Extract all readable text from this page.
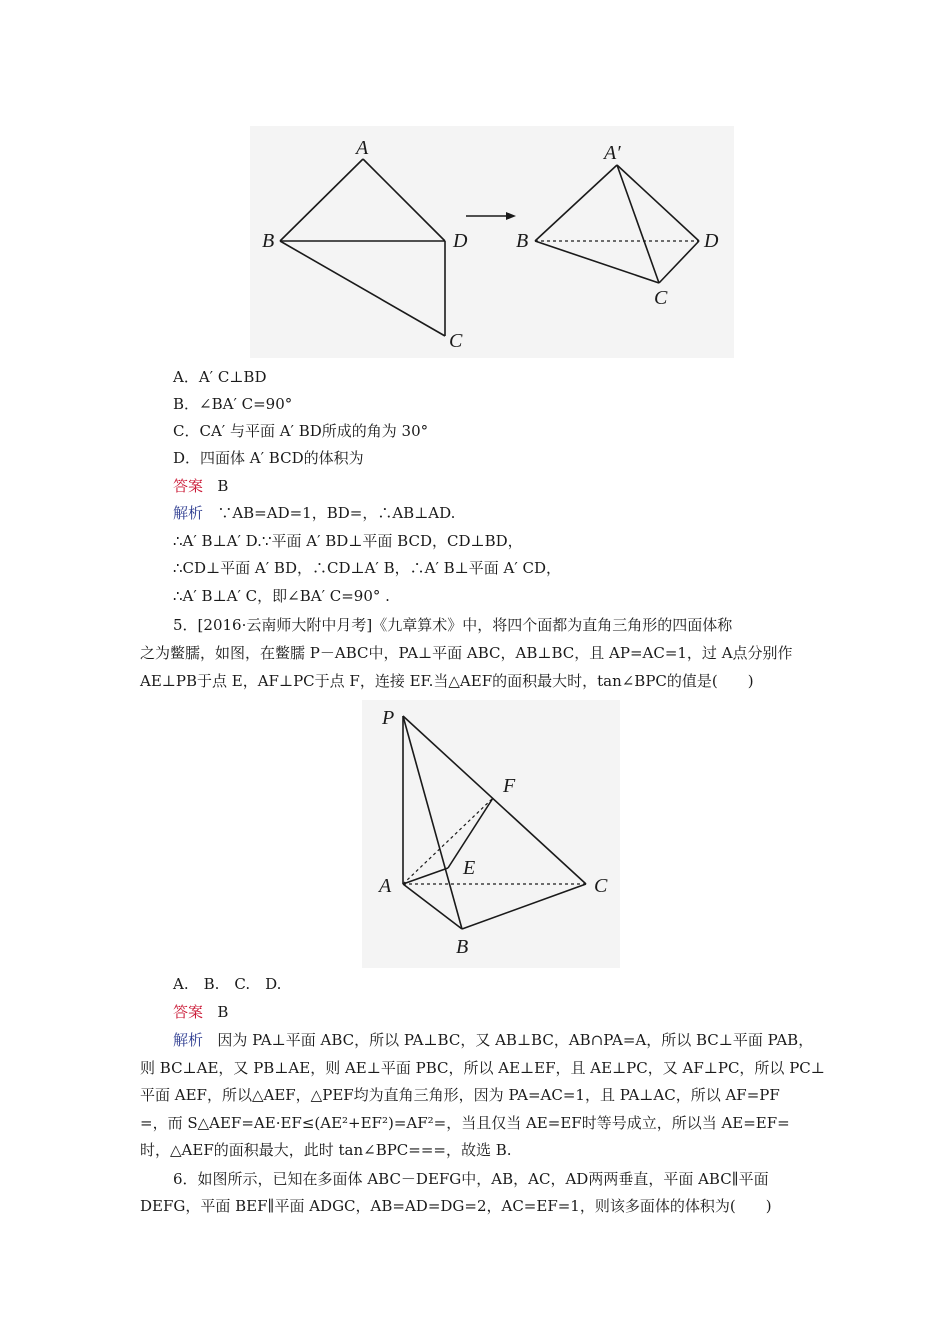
A
B	D
C
A′
B	D
C
A．A′ C⊥BD
B．∠BA′ C=90°
C．CA′ 与平面 A′ BD所成的角为 30°
D．四面体 A′ BCD的体积为
答案 B
解析 ∵AB=AD=1，BD=，∴AB⊥AD.
∴A′ B⊥A′ D.∵平面 A′ BD⊥平面 BCD，CD⊥BD，
∴CD⊥平面 A′ BD，∴CD⊥A′ B，∴A′ B⊥平面 A′ CD，
∴A′ B⊥A′ C，即∠BA′ C=90° .
5．[2016·云南师大附中月考]《九章算术》中，将四个面都为直角三角形的四面体称
之为鳖臑，如图，在鳖臑 P－ABC中，PA⊥平面 ABC，AB⊥BC，且 AP=AC=1，过 A点分别作
AE⊥PB于点 E，AF⊥PC于点 F，连接 EF.当△AEF的面积最大时，tan∠BPC的值是(　　)
P
F
E
A	C
B
A.　B.　C.　D.
答案 B
解析 因为 PA⊥平面 ABC，所以 PA⊥BC，又 AB⊥BC，AB∩PA=A，所以 BC⊥平面 PAB，
则 BC⊥AE，又 PB⊥AE，则 AE⊥平面 PBC，所以 AE⊥EF，且 AE⊥PC，又 AF⊥PC，所以 PC⊥
平面 AEF，所以△AEF，△PEF均为直角三角形，因为 PA=AC=1，且 PA⊥AC，所以 AF=PF
=，而 S△AEF=AE·EF≤(AE²+EF²)=AF²=，当且仅当 AE=EF时等号成立，所以当 AE=EF=
时，△AEF的面积最大，此时 tan∠BPC===，故选 B.
6．如图所示，已知在多面体 ABC－DEFG中，AB，AC，AD两两垂直，平面 ABC∥平面
DEFG，平面 BEF∥平面 ADGC，AB=AD=DG=2，AC=EF=1，则该多面体的体积为(　　)
